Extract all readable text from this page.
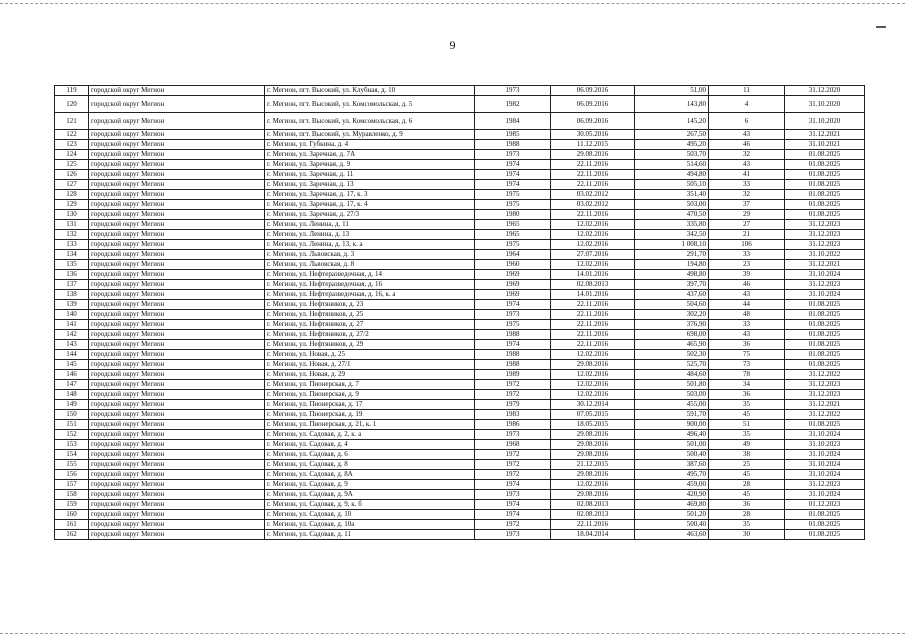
9
119	городской округ Мегион	г. Мегион, пгт. Высокий, ул. Клубная, д. 10	1973	06.09.2016	51,00	11	31.12.2020
120	городской округ Мегион	г. Мегион, пгт. Высокий, ул. Комсомольская, д. 5	1982	06.09.2016	143,80	4	31.10.2020
121	городской округ Мегион	г. Мегион, пгт. Высокий, ул. Комсомольская, д. 6	1984	06.09.2016	145,20	6	31.10.2020
122	городской округ Мегион	г. Мегион, пгт. Высокий, ул. Муравленко, д. 9	1985	30.05.2016	267,50	43	31.12.2021
123	городской округ Мегион	г. Мегион, ул. Губкина, д. 4	1988	11.12.2015	495,20	46	31.10.2021
124	городской округ Мегион	г. Мегион, ул. Заречная, д. 7А	1973	29.08.2016	503,70	32	01.08.2025
125	городской округ Мегион	г. Мегион, ул. Заречная, д. 9	1974	22.11.2016	514,60	43	01.08.2025
126	городской округ Мегион	г. Мегион, ул. Заречная, д. 11	1974	22.11.2016	494,80	41	01.08.2025
127	городской округ Мегион	г. Мегион, ул. Заречная, д. 13	1974	22.11.2016	505,10	33	01.08.2025
128	городской округ Мегион	г. Мегион, ул. Заречная, д. 17, к. 3	1975	03.02.2012	351,40	32	01.08.2025
129	городской округ Мегион	г. Мегион, ул. Заречная, д. 17, к. 4	1975	03.02.2012	503,00	37	01.08.2025
130	городской округ Мегион	г. Мегион, ул. Заречная, д. 27/3	1980	22.11.2016	470,50	29	01.08.2025
131	городской округ Мегион	г. Мегион, ул. Ленина, д. 11	1965	12.02.2016	335,80	27	31.12.2023
132	городской округ Мегион	г. Мегион, ул. Ленина, д. 13	1965	12.02.2016	342,50	21	31.12.2023
133	городской округ Мегион	г. Мегион, ул. Ленина, д. 13, к. а	1975	12.02.2016	1 008,10	106	31.12.2023
134	городской округ Мегион	г. Мегион, ул. Львовская, д. 3	1964	27.07.2016	291,70	33	31.10.2022
135	городской округ Мегион	г. Мегион, ул. Львовская, д. 8	1960	12.02.2016	194,80	23	31.12.2021
136	городской округ Мегион	г. Мегион, ул. Нефтеразведочная, д. 14	1969	14.01.2016	498,80	39	31.10.2024
137	городской округ Мегион	г. Мегион, ул. Нефтеразведочная, д. 16	1969	02.08.2013	397,70	46	31.12.2023
138	городской округ Мегион	г. Мегион, ул. Нефтеразведочная, д. 16, к. а	1969	14.01.2016	437,60	43	31.10.2024
139	городской округ Мегион	г. Мегион, ул. Нефтяников, д. 23	1974	22.11.2016	504,60	44	01.08.2025
140	городской округ Мегион	г. Мегион, ул. Нефтяников, д. 25	1973	22.11.2016	302,20	48	01.08.2025
141	городской округ Мегион	г. Мегион, ул. Нефтяников, д. 27	1975	22.11.2016	376,90	33	01.08.2025
142	городской округ Мегион	г. Мегион, ул. Нефтяников, д. 27/2	1988	22.11.2016	698,00	43	01.08.2025
143	городской округ Мегион	г. Мегион, ул. Нефтяников, д. 29	1974	22.11.2016	465,90	36	01.08.2025
144	городской округ Мегион	г. Мегион, ул. Новая, д. 25	1988	12.02.2016	502,30	75	01.08.2025
145	городской округ Мегион	г. Мегион, ул. Новая, д. 27/1	1988	29.08.2016	525,70	73	01.08.2025
146	городской округ Мегион	г. Мегион, ул. Новая, д. 29	1989	12.02.2016	484,60	78	31.12.2022
147	городской округ Мегион	г. Мегион, ул. Пионерская, д. 7	1972	12.02.2016	501,80	34	31.12.2023
148	городской округ Мегион	г. Мегион, ул. Пионерская, д. 9	1972	12.02.2016	503,00	36	31.12.2023
149	городской округ Мегион	г. Мегион, ул. Пионерская, д. 17	1979	30.12.2014	455,00	35	31.12.2021
150	городской округ Мегион	г. Мегион, ул. Пионерская, д. 19	1983	07.05.2015	591,70	45	31.12.2022
151	городской округ Мегион	г. Мегион, ул. Пионерская, д. 21, к. 1	1986	18.05.2015	900,00	51	01.08.2025
152	городской округ Мегион	г. Мегион, ул. Садовая, д. 2, к. а	1973	29.08.2016	496,40	35	31.10.2024
153	городской округ Мегион	г. Мегион, ул. Садовая, д. 4	1968	29.08.2016	501,00	49	31.10.2023
154	городской округ Мегион	г. Мегион, ул. Садовая, д. 6	1972	29.08.2016	500,40	38	31.10.2024
155	городской округ Мегион	г. Мегион, ул. Садовая, д. 8	1972	21.12.2015	387,60	25	31.10.2024
156	городской округ Мегион	г. Мегион, ул. Садовая, д. 8А	1972	29.08.2016	495,70	45	31.10.2024
157	городской округ Мегион	г. Мегион, ул. Садовая, д. 9	1974	12.02.2016	459,00	28	31.12.2023
158	городской округ Мегион	г. Мегион, ул. Садовая, д. 9А	1973	29.08.2016	420,90	45	31.10.2024
159	городской округ Мегион	г. Мегион, ул. Садовая, д. 9, к. б	1974	02.08.2013	469,80	36	01.12.2023
160	городской округ Мегион	г. Мегион, ул. Садовая, д. 10	1974	02.08.2013	501,20	28	01.08.2025
161	городской округ Мегион	г. Мегион, ул. Садовая, д. 10а	1972	22.11.2016	500,40	35	01.08.2025
162	городской округ Мегион	г. Мегион, ул. Садовая, д. 11	1973	18.04.2014	463,60	30	01.08.2025
